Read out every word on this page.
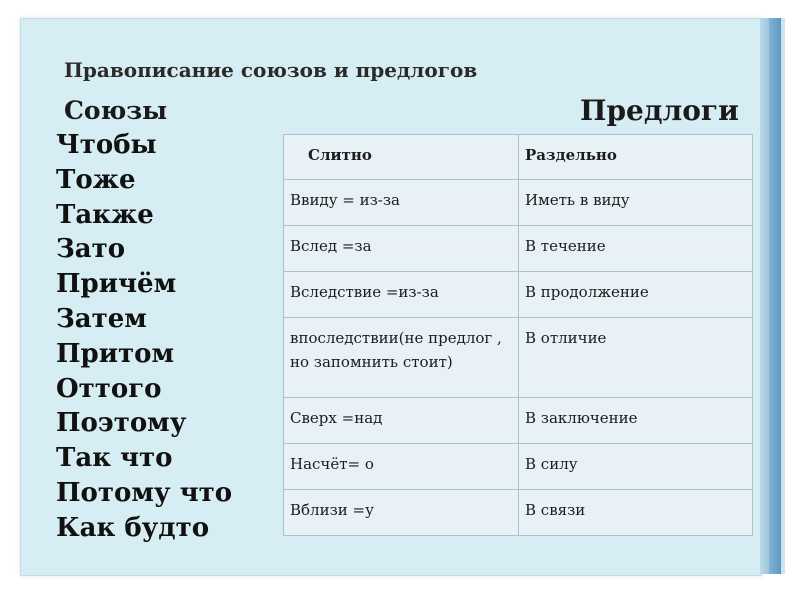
Правописание союзов и предлогов
Союзы	Предлоги
Чтобы
Тоже
Также
Зато
Причём
Затем
Притом
Оттого
Поэтому
Так что
Потому что
Как будто
Слитно	Раздельно
Ввиду = из-за	Иметь в виду
Вслед =за	В течение
Вследствие =из-за	В продолжение
впоследствии(не предлог , но запомнить стоит)	В отличие
Сверх =над	В заключение
Насчёт= о	В силу
Вблизи =у	В связи
